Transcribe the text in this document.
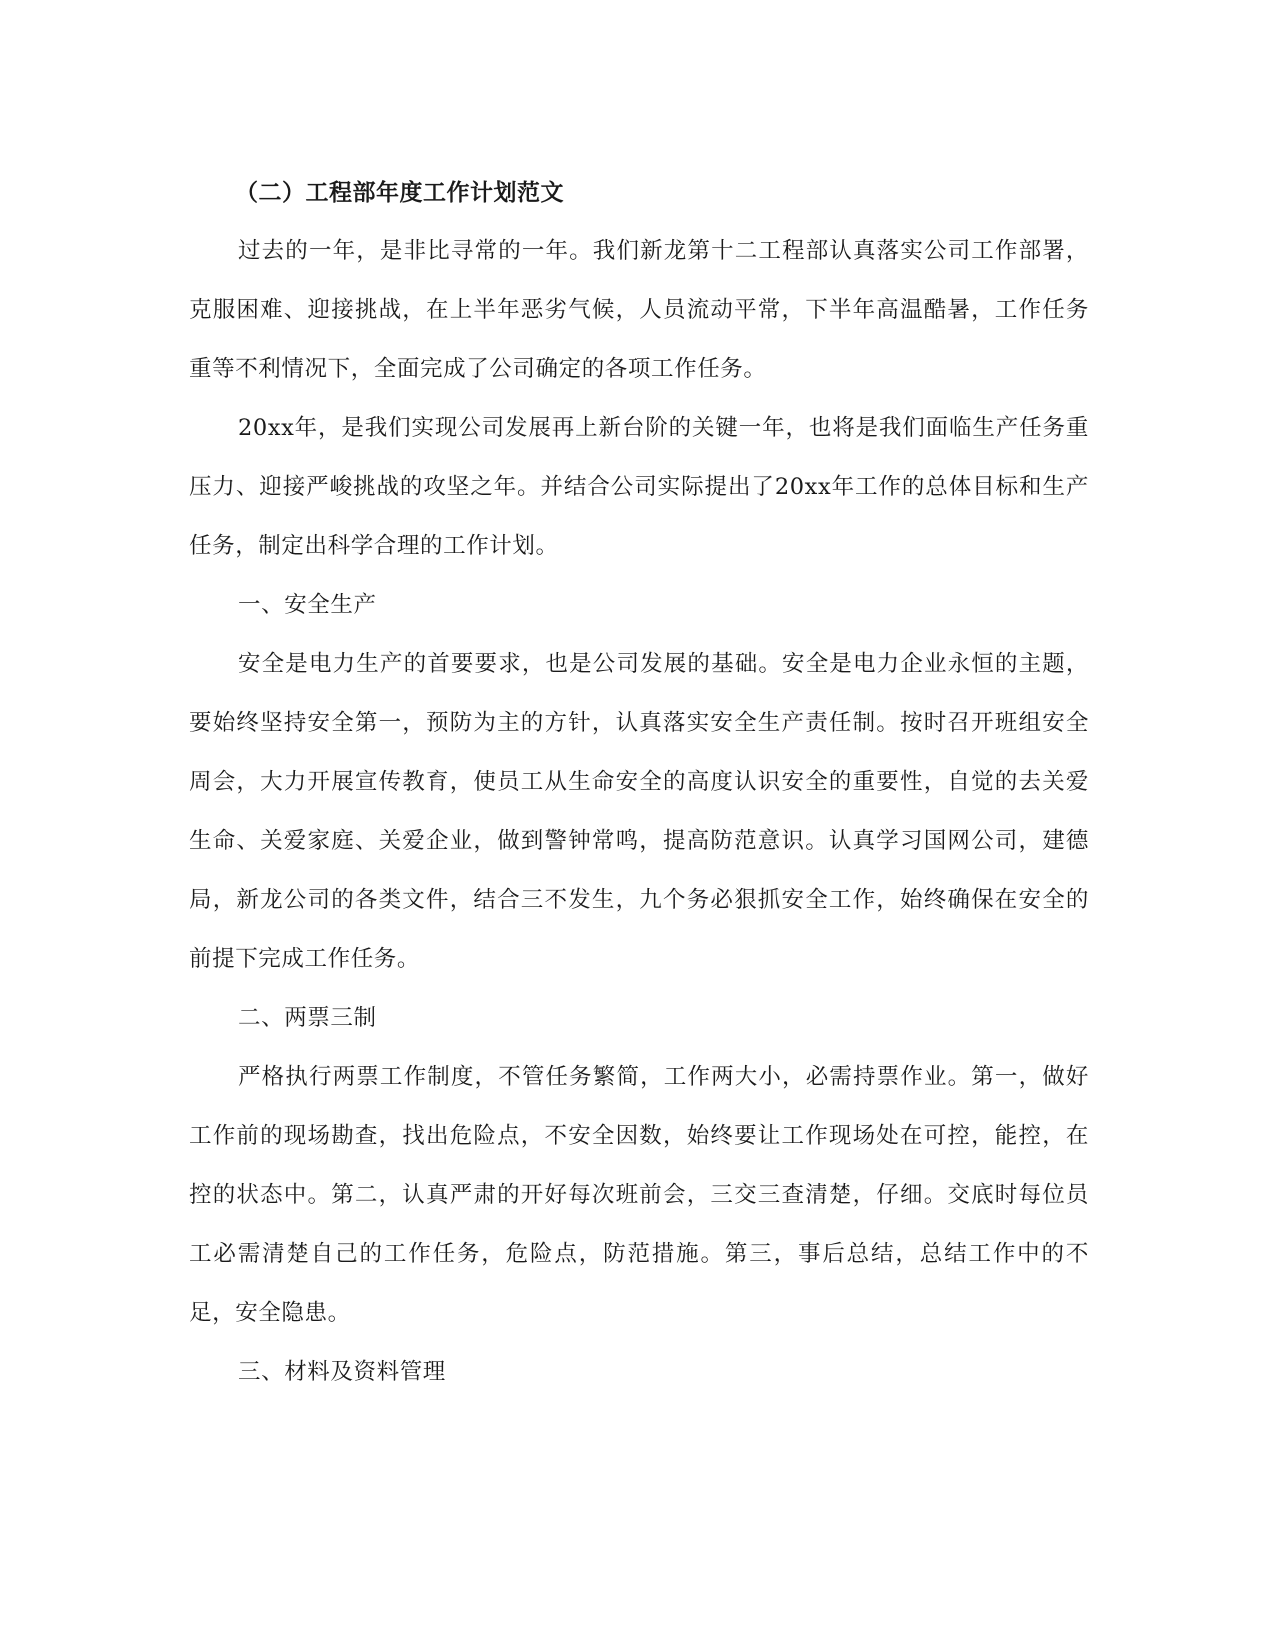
（二）工程部年度工作计划范文

过去的一年，是非比寻常的一年。我们新龙第十二工程部认真落实公司工作部署，克服困难、迎接挑战，在上半年恶劣气候，人员流动平常，下半年高温酷暑，工作任务重等不利情况下，全面完成了公司确定的各项工作任务。

20xx年，是我们实现公司发展再上新台阶的关键一年，也将是我们面临生产任务重压力、迎接严峻挑战的攻坚之年。并结合公司实际提出了20xx年工作的总体目标和生产任务，制定出科学合理的工作计划。

一、安全生产

安全是电力生产的首要要求，也是公司发展的基础。安全是电力企业永恒的主题，要始终坚持安全第一，预防为主的方针，认真落实安全生产责任制。按时召开班组安全周会，大力开展宣传教育，使员工从生命安全的高度认识安全的重要性，自觉的去关爱生命、关爱家庭、关爱企业，做到警钟常鸣，提高防范意识。认真学习国网公司，建德局，新龙公司的各类文件，结合三不发生，九个务必狠抓安全工作，始终确保在安全的前提下完成工作任务。

二、两票三制

严格执行两票工作制度，不管任务繁简，工作两大小，必需持票作业。第一，做好工作前的现场勘查，找出危险点，不安全因数，始终要让工作现场处在可控，能控，在控的状态中。第二，认真严肃的开好每次班前会，三交三查清楚，仔细。交底时每位员工必需清楚自己的工作任务，危险点，防范措施。第三，事后总结，总结工作中的不足，安全隐患。

三、材料及资料管理
